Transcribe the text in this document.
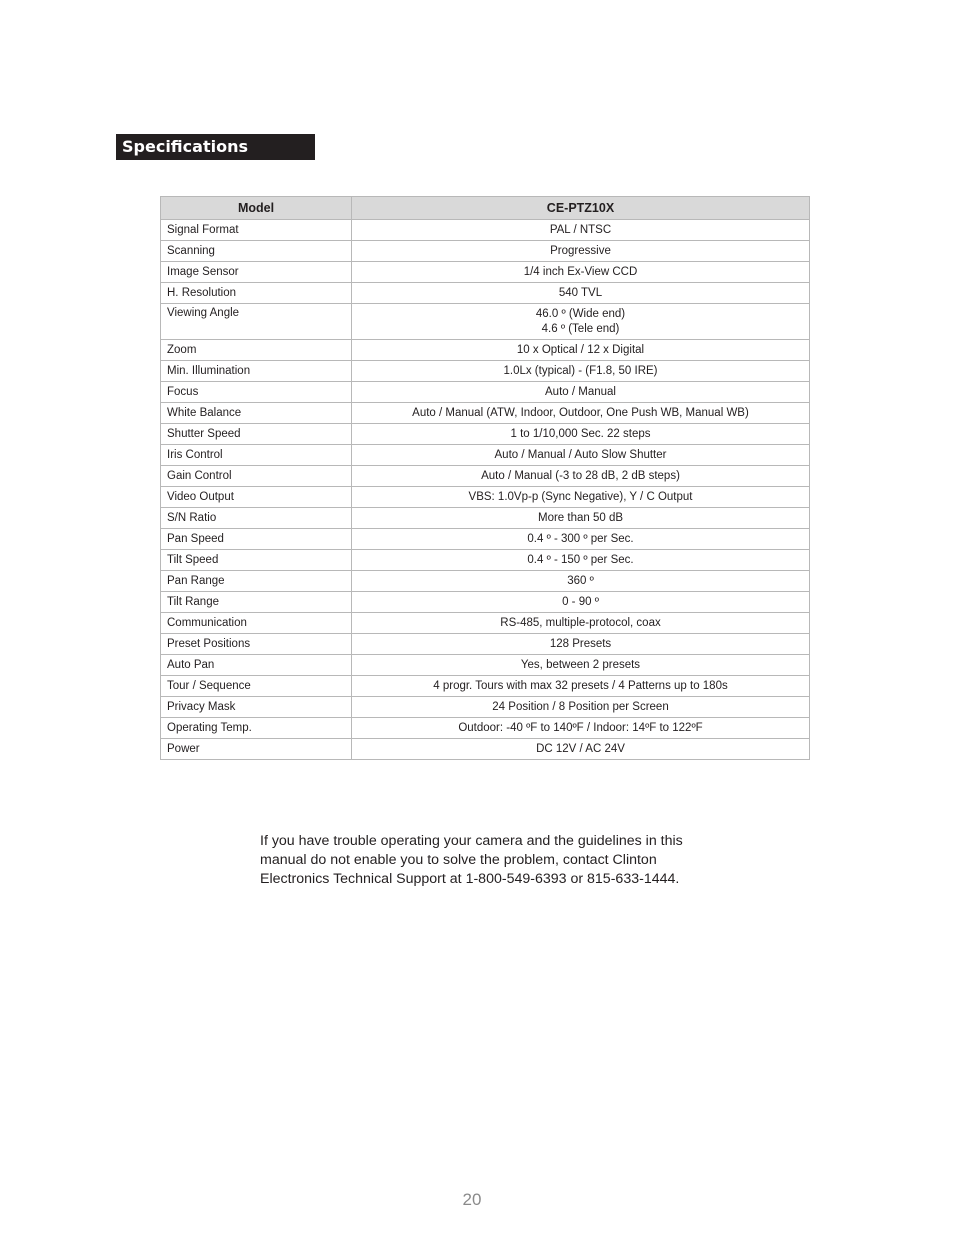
Specifications
Model	CE-PTZ10X
Signal Format	PAL / NTSC

Scanning	Progressive

Image Sensor	1/4 inch Ex-View CCD

H. Resolution	540 TVL

Viewing Angle	46.0 º (Wide end)
4.6 º (Tele end)

Zoom	10 x Optical / 12 x Digital

Min. Illumination	1.0Lx (typical) - (F1.8, 50 IRE)

Focus	Auto / Manual

White Balance	Auto / Manual (ATW, Indoor, Outdoor, One Push WB, Manual WB)

Shutter Speed	1 to 1/10,000 Sec. 22 steps

Iris Control	Auto / Manual / Auto Slow Shutter

Gain Control	Auto / Manual (-3 to 28 dB, 2 dB steps)

Video Output	VBS: 1.0Vp-p (Sync Negative), Y / C Output

S/N Ratio	More than 50 dB

Pan Speed	0.4 º - 300 º per Sec.

Tilt Speed	0.4 º - 150 º per Sec.

Pan Range	360 º

Tilt Range	0 - 90 º

Communication	RS-485, multiple-protocol, coax

Preset Positions	128 Presets

Auto Pan	Yes, between 2 presets

Tour / Sequence	4 progr. Tours with max 32 presets / 4 Patterns up to 180s

Privacy Mask	24 Position / 8 Position per Screen

Operating Temp.	Outdoor: -40 ºF to 140ºF / Indoor: 14ºF to 122ºF

Power	DC 12V / AC 24V
If you have trouble operating your camera and the guidelines in this manual do not enable you to solve the problem, contact Clinton Electronics Technical Support at 1-800-549-6393 or 815-633-1444.
20
